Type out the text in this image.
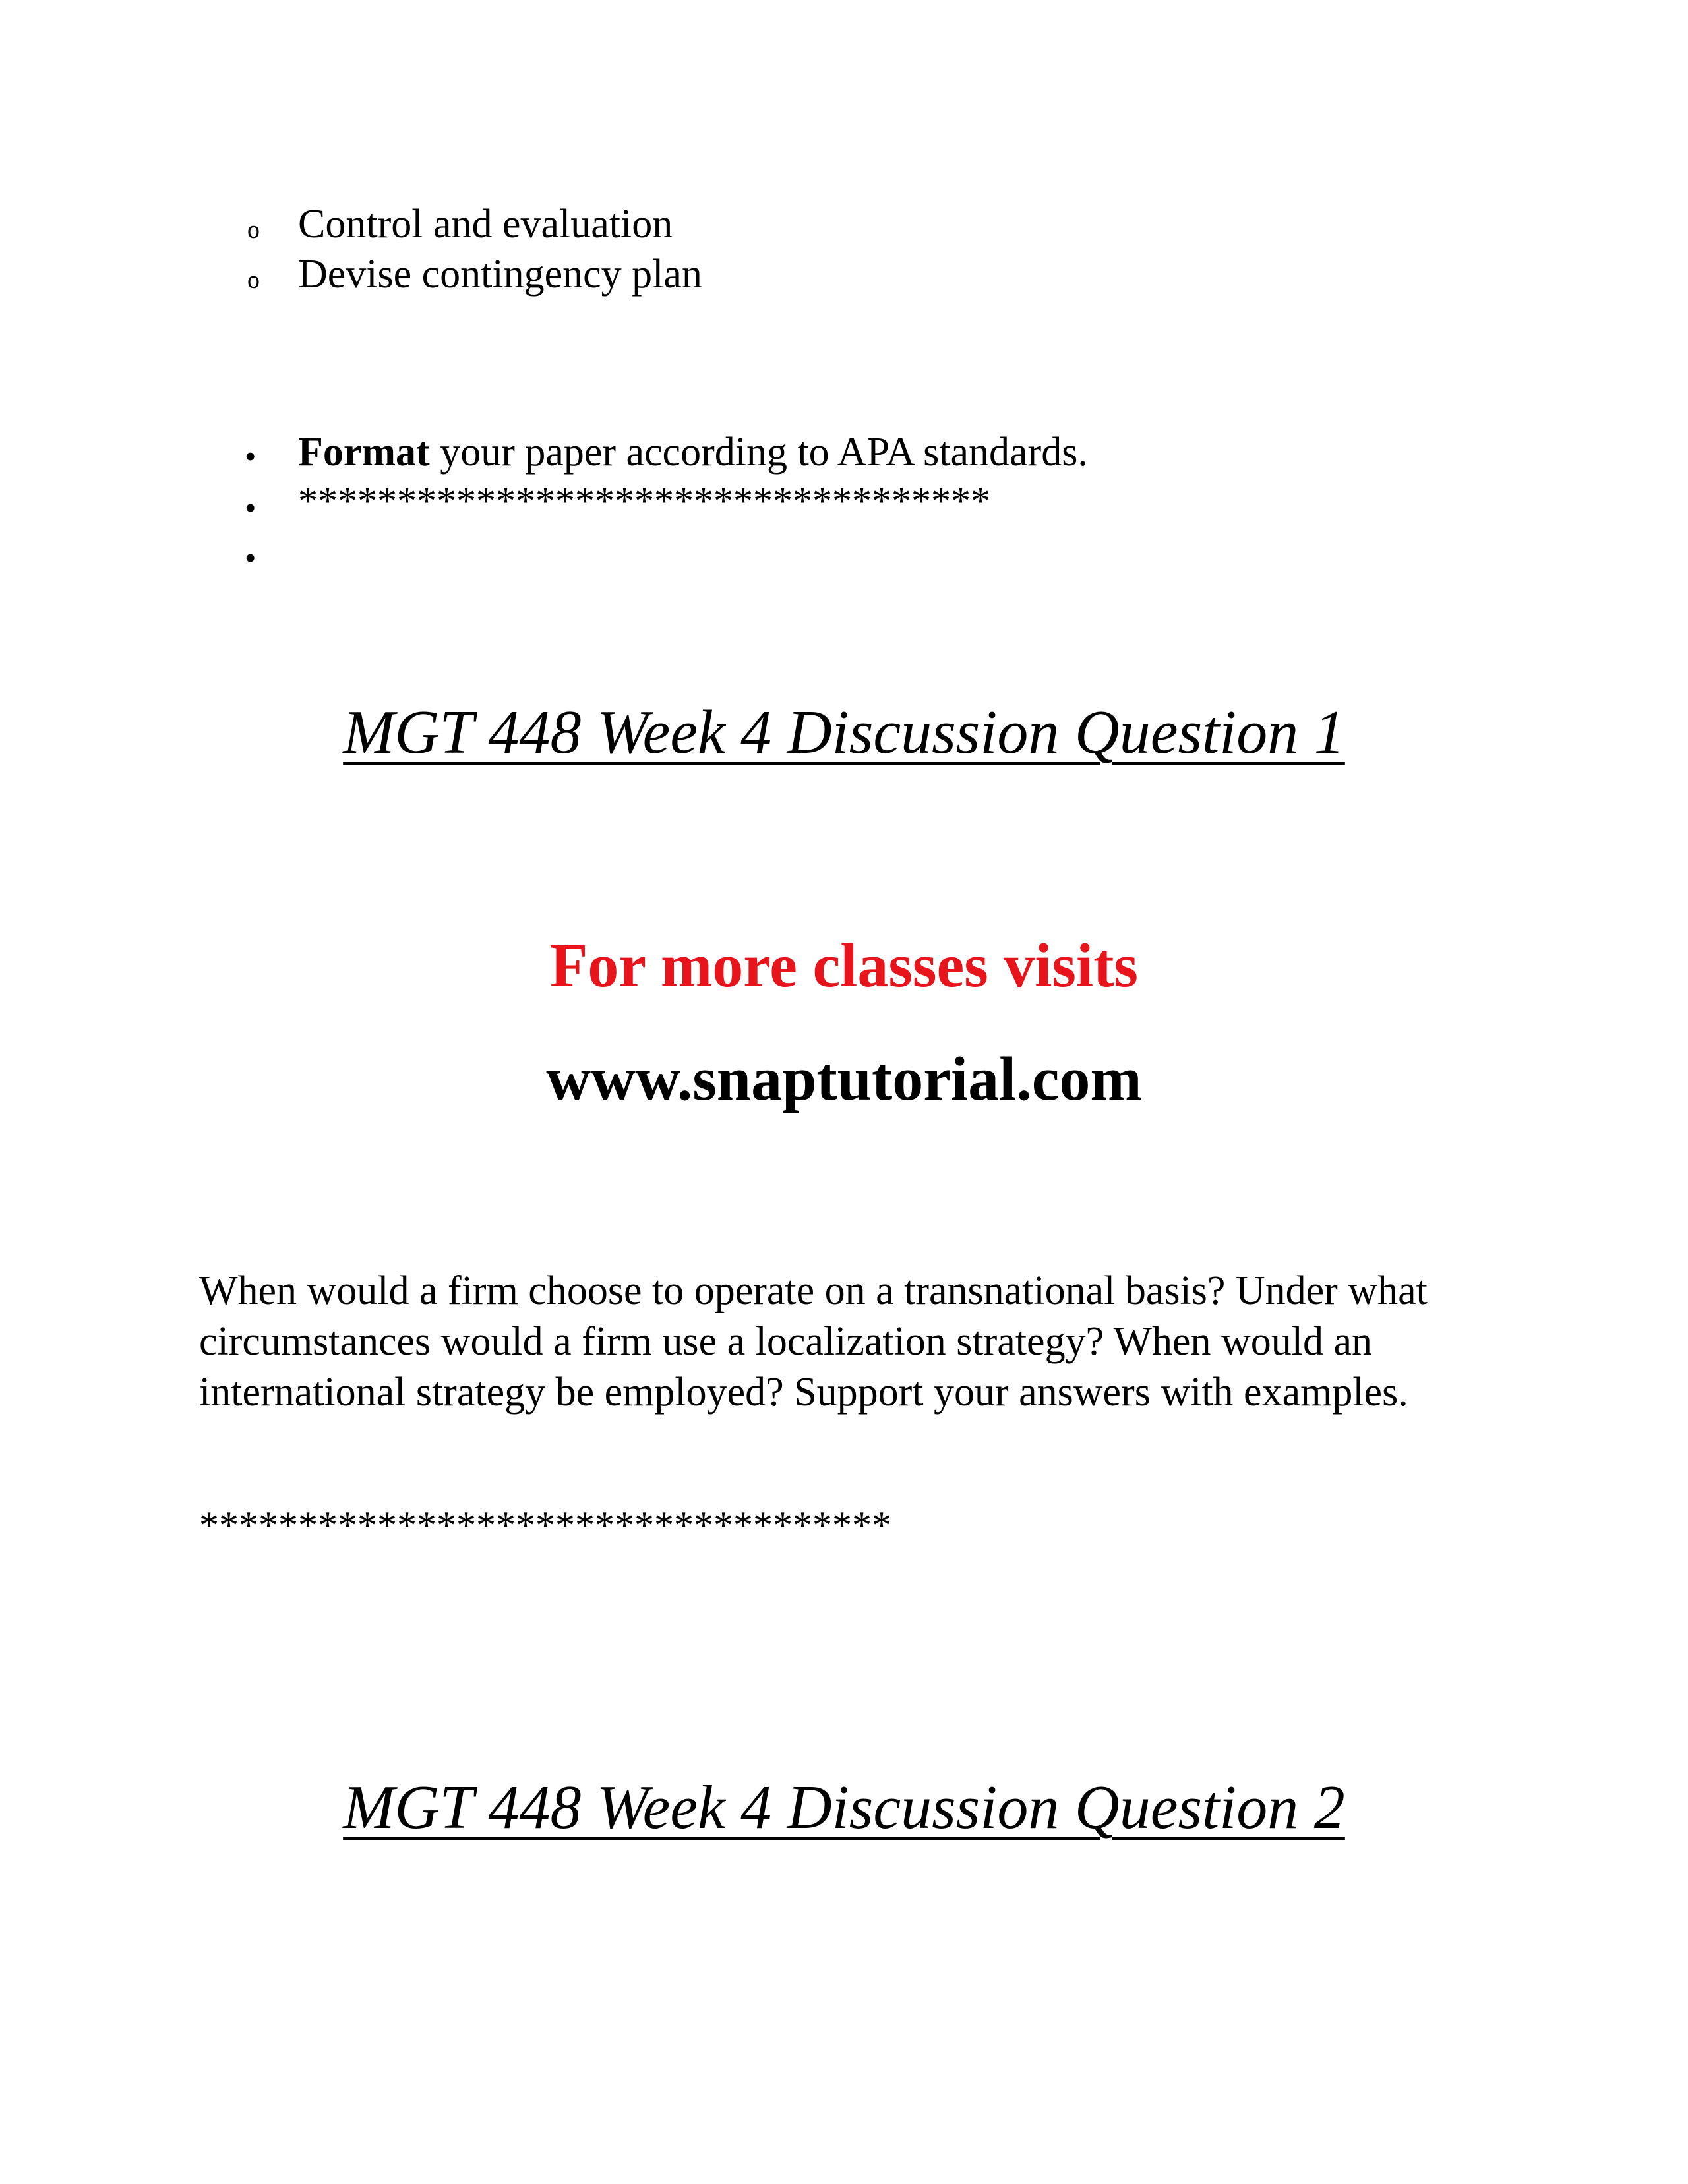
o Control and evaluation
o Devise contingency plan
• Format your paper according to APA standards.
• ***********************************
•
MGT 448 Week 4 Discussion Question 1
For more classes visits
www.snaptutorial.com
When would a firm choose to operate on a transnational basis? Under what circumstances would a firm use a localization strategy? When would an international strategy be employed? Support your answers with examples.
***********************************
MGT 448 Week 4 Discussion Question 2
